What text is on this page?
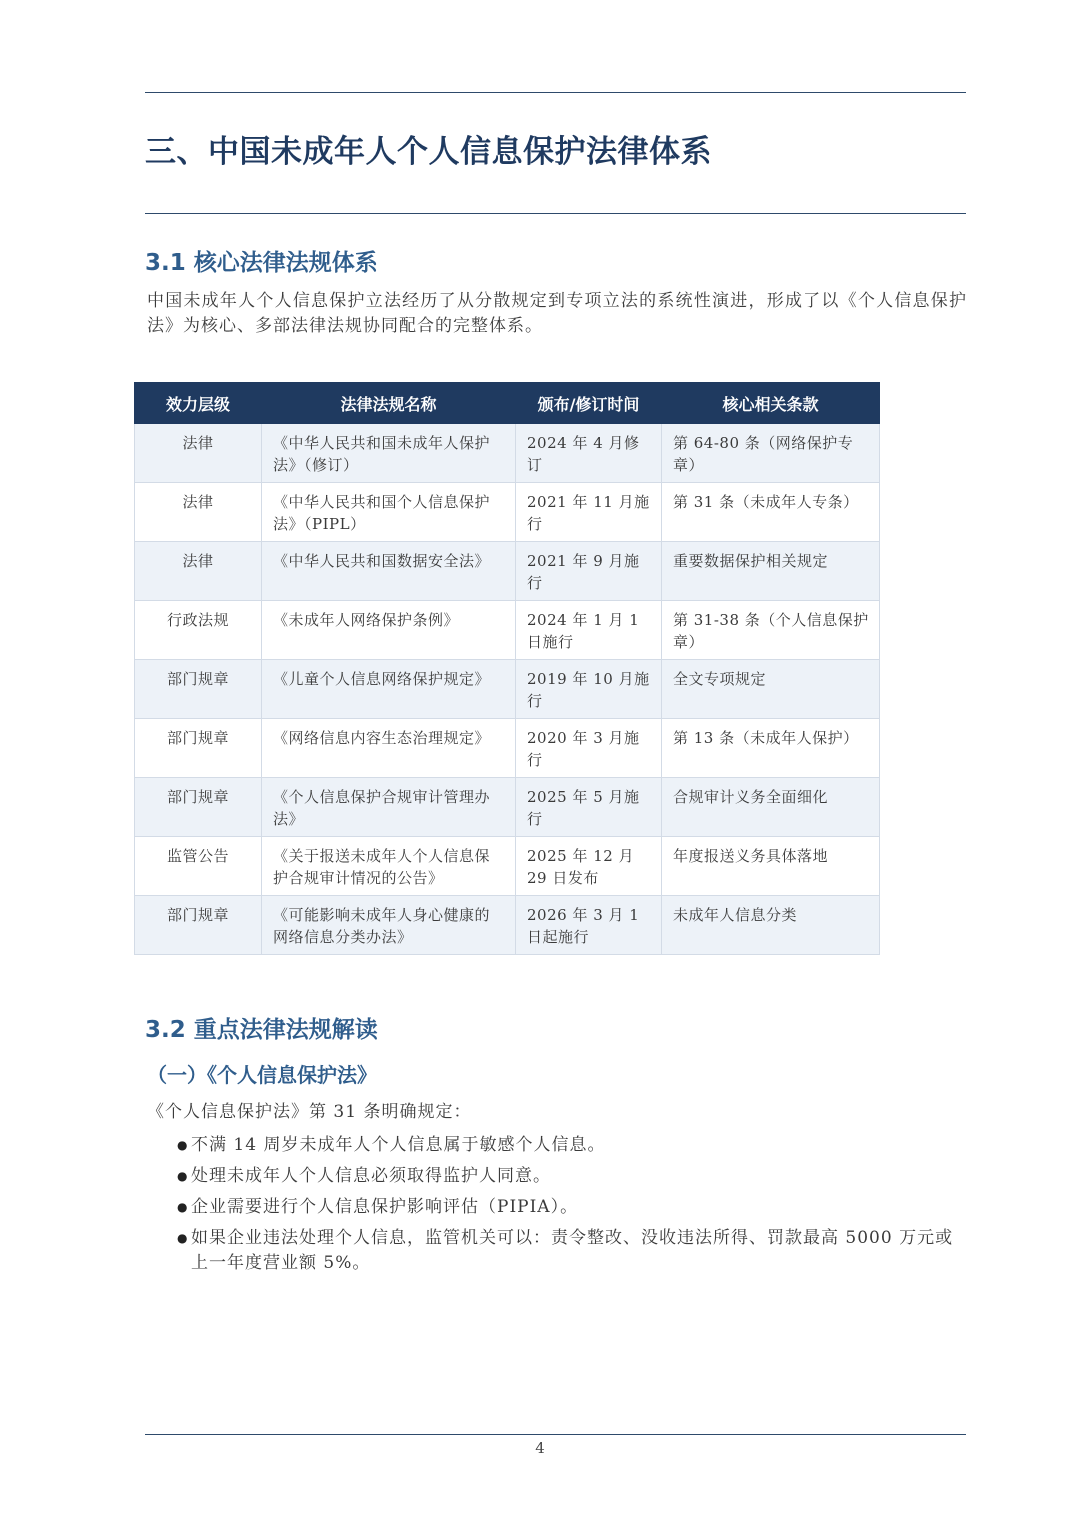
三、中国未成年人个人信息保护法律体系
3.1 核心法律法规体系

中国未成年人个人信息保护立法经历了从分散规定到专项立法的系统性演进，形成了以《个人信息保护法》为核心、多部法律法规协同配合的完整体系。

效力层级	法律法规名称	颁布/修订时间	核心相关条款
法律	《中华人民共和国未成年人保护法》（修订）	2024 年 4 月修订	第 64-80 条（网络保护专章）
法律	《中华人民共和国个人信息保护法》（PIPL）	2021 年 11 月施行	第 31 条（未成年人专条）
法律	《中华人民共和国数据安全法》	2021 年 9 月施行	重要数据保护相关规定
行政法规	《未成年人网络保护条例》	2024 年 1 月 1 日施行	第 31-38 条（个人信息保护章）
部门规章	《儿童个人信息网络保护规定》	2019 年 10 月施行	全文专项规定
部门规章	《网络信息内容生态治理规定》	2020 年 3 月施行	第 13 条（未成年人保护）
部门规章	《个人信息保护合规审计管理办法》	2025 年 5 月施行	合规审计义务全面细化
监管公告	《关于报送未成年人个人信息保护合规审计情况的公告》	2025 年 12 月 29 日发布	年度报送义务具体落地
部门规章	《可能影响未成年人身心健康的网络信息分类办法》	2026 年 3 月 1 日起施行	未成年人信息分类
3.2 重点法律法规解读
（一）《个人信息保护法》

《个人信息保护法》第 31 条明确规定：

● 不满 14 周岁未成年人个人信息属于敏感个人信息。
● 处理未成年人个人信息必须取得监护人同意。
● 企业需要进行个人信息保护影响评估（PIPIA）。
● 如果企业违法处理个人信息，监管机关可以：责令整改、没收违法所得、罚款最高 5000 万元或上一年度营业额 5%。
4
